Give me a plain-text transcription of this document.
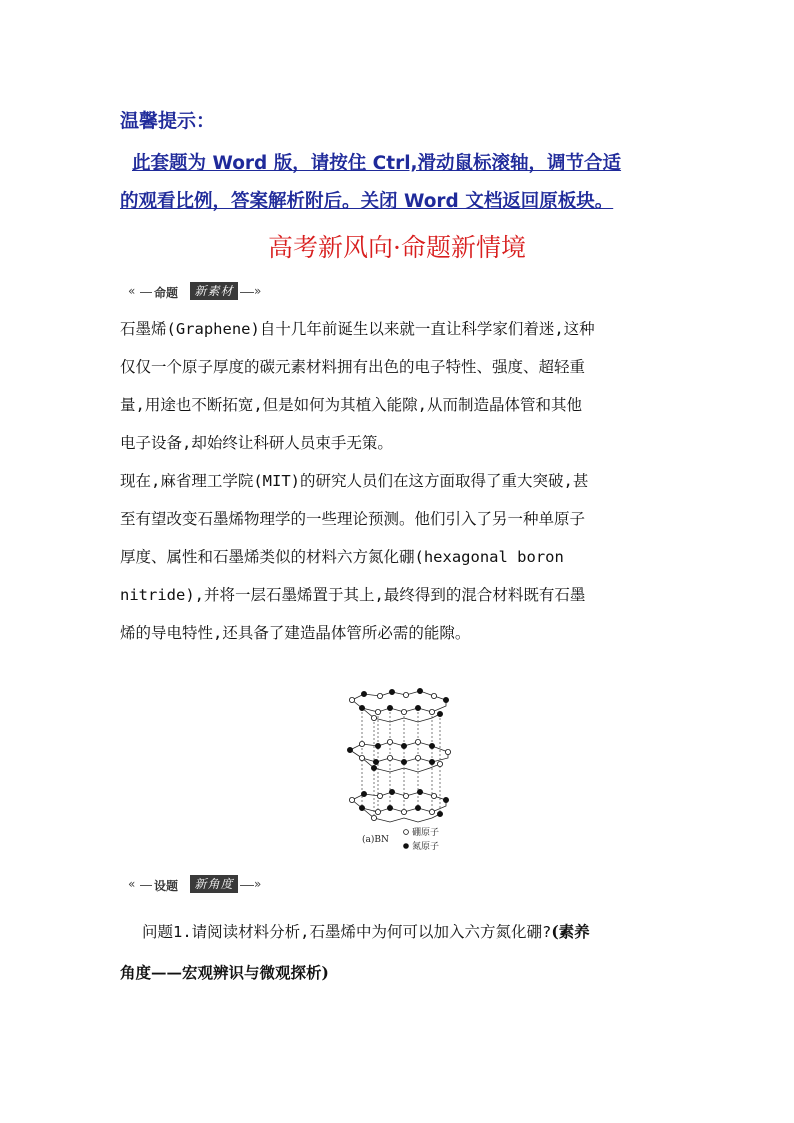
温馨提示：
此套题为 Word 版，请按住 Ctrl,滑动鼠标滚轴，调节合适
的观看比例，答案解析附后。关闭 Word 文档返回原板块。
高考新风向·命题新情境
« 命题	新素材	»
石墨烯(Graphene)自十几年前诞生以来就一直让科学家们着迷,这种
仅仅一个原子厚度的碳元素材料拥有出色的电子特性、强度、超轻重
量,用途也不断拓宽,但是如何为其植入能隙,从而制造晶体管和其他
电子设备,却始终让科研人员束手无策。
现在,麻省理工学院(MIT)的研究人员们在这方面取得了重大突破,甚
至有望改变石墨烯物理学的一些理论预测。他们引入了另一种单原子
厚度、属性和石墨烯类似的材料六方氮化硼(hexagonal boron
nitride),并将一层石墨烯置于其上,最终得到的混合材料既有石墨
烯的导电特性,还具备了建造晶体管所必需的能隙。
(a)BN
硼原子
氮原子
« 设题	新角度	»
问题1.请阅读材料分析,石墨烯中为何可以加入六方氮化硼?(素养
角度——宏观辨识与微观探析)
